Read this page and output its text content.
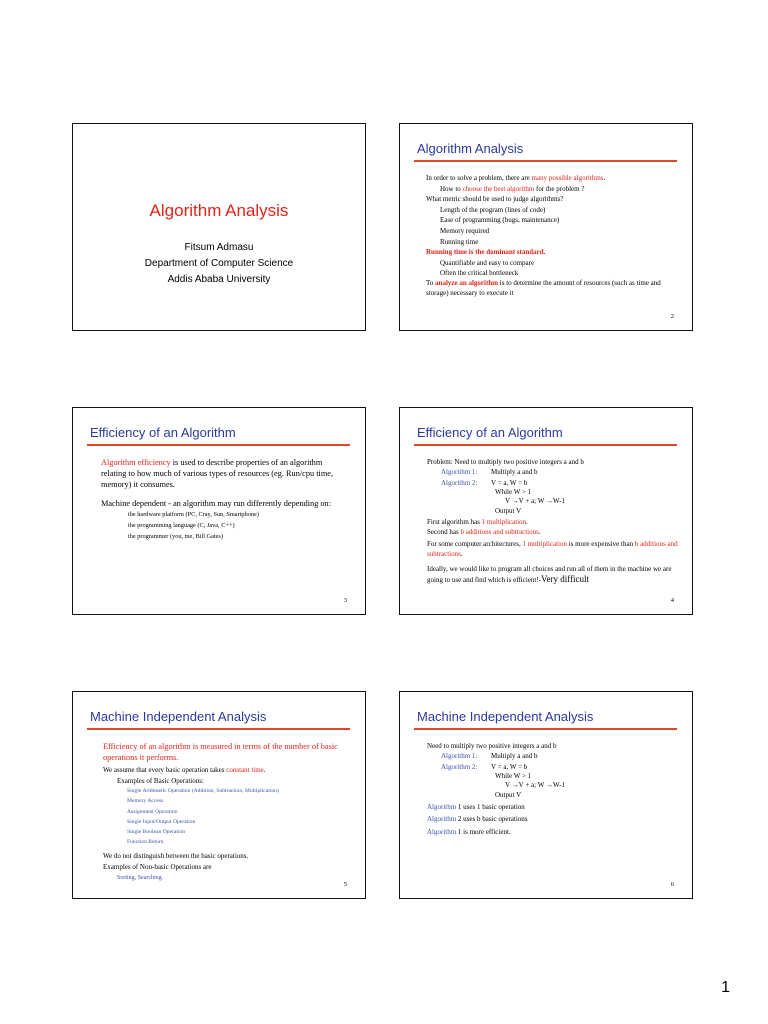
Algorithm Analysis
Fitsum Admasu
Department of Computer Science
Addis Ababa University
Algorithm Analysis

In order to solve a problem, there are many possible algorithms.

How to choose the best algorithm for the problem ?

What metric should be used to judge algorithms?

Length of the program (lines of code)

Ease of programming (bugs, maintenance)

Memory required

Running time

Running time is the dominant standard.

Quantifiable and easy to compare

Often the critical bottleneck

To analyze an algorithm is to determine the amount of resources (such as time and storage) necessary to execute it

2
Efficiency of an Algorithm

Algorithm efficiency is used to describe properties of an algorithm relating to how much of various types of resources (eg. Run/cpu time, memory) it consumes.

Machine dependent - an algorithm may run differently depending on:

the hardware platform (PC, Cray, Sun, Smartphone)

the programming language (C, Java, C++)

the programmer (you, me, Bill Gates)

3
Efficiency of an Algorithm

Problem: Need to multiply two positive integers a and b

Algorithm 1:	Multiply a and b
Algorithm 2:	V = a, W = b

While W > 1

V →V + a; W →W-1

Output V

First algorithm has 1 multiplication.

Second has b additions and subtractions.

For some computer architectures, 1 multiplication is more expensive than b additions and subtractions.

Ideally, we would like to program all choices and run all of them in the machine we are going to use and find which is efficient!-Very difficult

4
Machine Independent Analysis

Efficiency of an algorithm is measured in terms of the number of basic operations it performs.

We assume that every basic operation takes constant time.

Examples of Basic Operations:

Single Arithmetic Operation (Addition, Subtraction, Multiplication)

Memory Access

Assignment Operation

Single Input/Output Operation

Single Boolean Operation

Function Return

We do not distinguish between the basic operations.

Examples of Non-basic Operations are

Sorting, Searching.

5
Machine Independent Analysis

Need to multiply two positive integers a and b

Algorithm 1:	Multiply a and b
Algorithm 2:	V = a, W = b

While W > 1

V →V + a; W →W-1

Output V

Algorithm 1 uses 1 basic operation

Algorithm 2 uses b basic operations

Algorithm 1 is more efficient.

6
1
